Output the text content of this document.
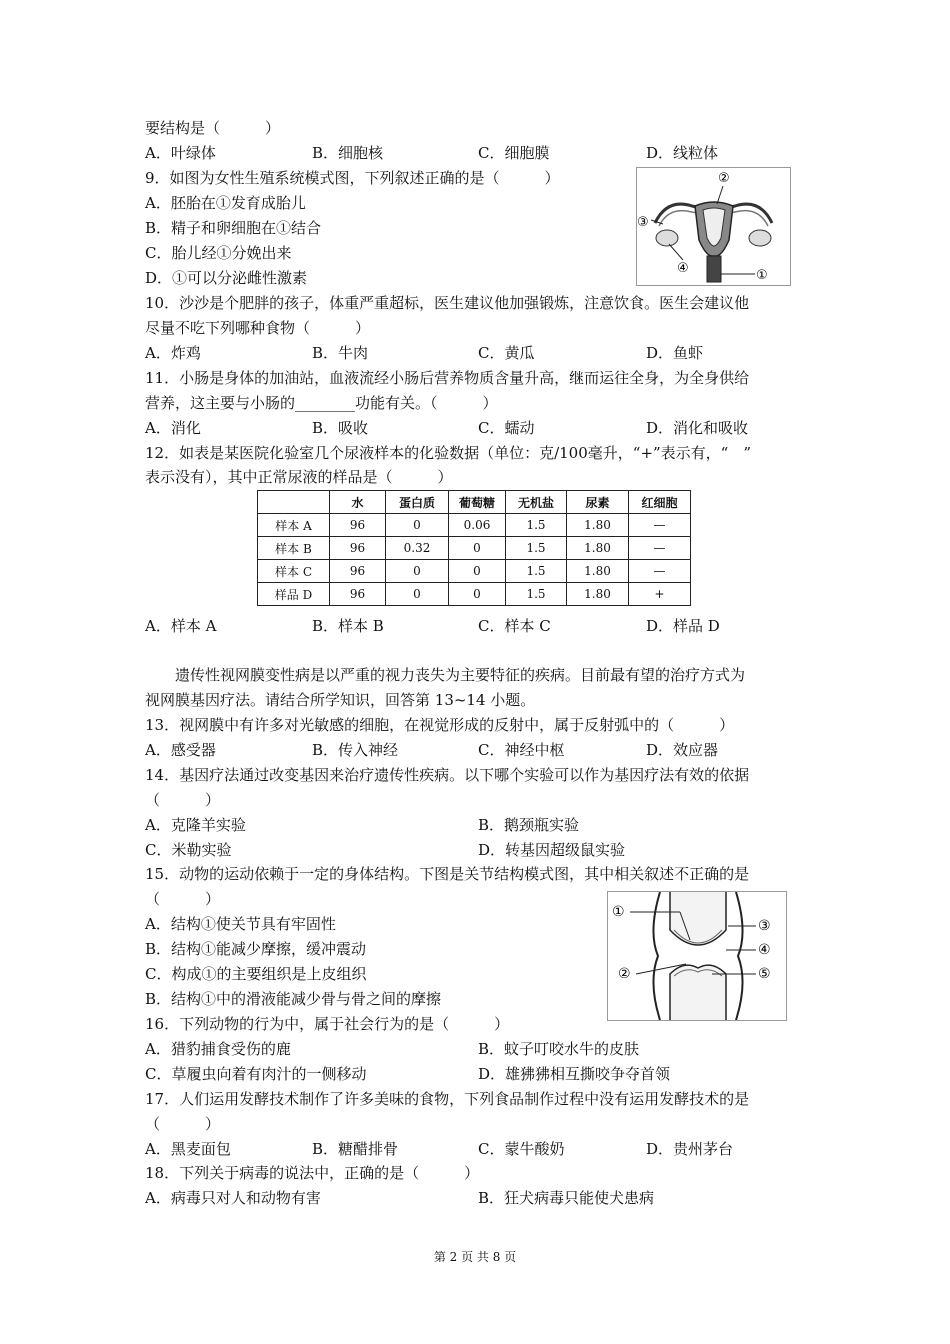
要结构是（　　　）
A．叶绿体	B．细胞核	C．细胞膜	D．线粒体
9．如图为女性生殖系统模式图，下列叙述正确的是（　　　）
A．胚胎在①发育成胎儿
B．精子和卵细胞在①结合
C．胎儿经①分娩出来
D．①可以分泌雌性激素
②
③
④	①
10．沙沙是个肥胖的孩子，体重严重超标，医生建议他加强锻炼，注意饮食。医生会建议他
尽量不吃下列哪种食物（　　　）
A．炸鸡	B．牛肉	C．黄瓜	D．鱼虾
11．小肠是身体的加油站，血液流经小肠后营养物质含量升高，继而运往全身，为全身供给
营养，这主要与小肠的________功能有关。（　　　）
A．消化	B．吸收	C．蠕动	D．消化和吸收
12．如表是某医院化验室几个尿液样本的化验数据（单位：克/100毫升，“+”表示有，“　”
表示没有），其中正常尿液的样品是（　　　）
	水	蛋白质	葡萄糖	无机盐	尿素	红细胞
样本 A	96	0	0.06	1.5	1.80	—
样本 B	96	0.32	0	1.5	1.80	—
样本 C	96	0	0	1.5	1.80	—
样品 D	96	0	0	1.5	1.80	+
A．样本 A	B．样本 B	C．样本 C	D．样品 D
遗传性视网膜变性病是以严重的视力丧失为主要特征的疾病。目前最有望的治疗方式为
视网膜基因疗法。请结合所学知识，回答第 13~14 小题。
13．视网膜中有许多对光敏感的细胞，在视觉形成的反射中，属于反射弧中的（　　　）
A．感受器	B．传入神经	C．神经中枢	D．效应器
14．基因疗法通过改变基因来治疗遗传性疾病。以下哪个实验可以作为基因疗法有效的依据
（　　　）
A．克隆羊实验	B．鹅颈瓶实验
C．米勒实验	D．转基因超级鼠实验
15．动物的运动依赖于一定的身体结构。下图是关节结构模式图，其中相关叙述不正确的是
（　　　）
A．结构①使关节具有牢固性
B．结构①能减少摩擦，缓冲震动
C．构成①的主要组织是上皮组织
B．结构①中的滑液能减少骨与骨之间的摩擦
①
②
③
④
⑤
16．下列动物的行为中，属于社会行为的是（　　　）
A．猎豹捕食受伤的鹿	B．蚊子叮咬水牛的皮肤
C．草履虫向着有肉汁的一侧移动	D．雄狒狒相互撕咬争夺首领
17．人们运用发酵技术制作了许多美味的食物，下列食品制作过程中没有运用发酵技术的是
（　　　）
A．黑麦面包	B．糖醋排骨	C．蒙牛酸奶	D．贵州茅台
18．下列关于病毒的说法中，正确的是（　　　）
A．病毒只对人和动物有害	B．狂犬病毒只能使犬患病
第 2 页 共 8 页
